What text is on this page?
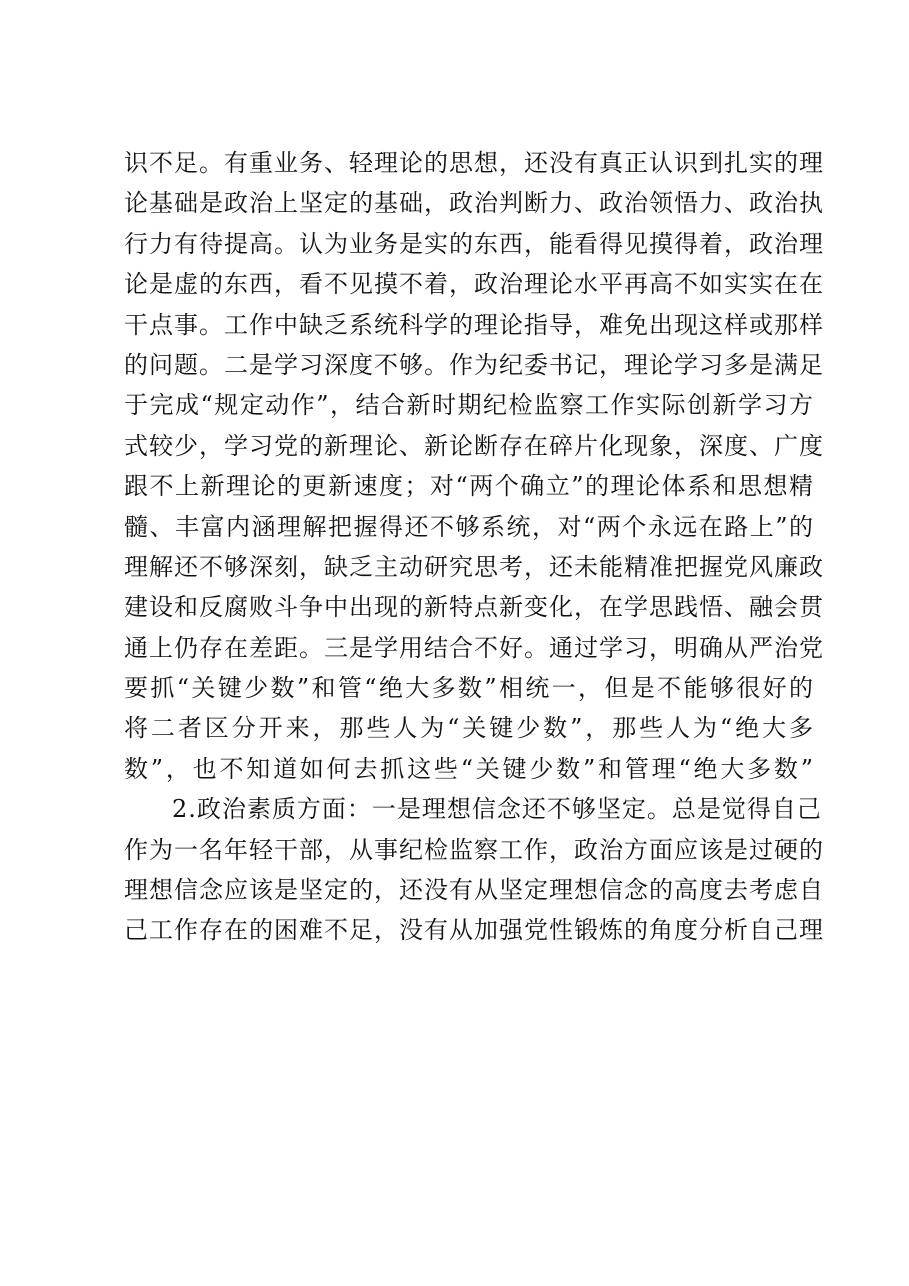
识不足。有重业务、轻理论的思想，还没有真正认识到扎实的理
论基础是政治上坚定的基础，政治判断力、政治领悟力、政治执
行力有待提高。认为业务是实的东西，能看得见摸得着，政治理
论是虚的东西，看不见摸不着，政治理论水平再高不如实实在在
干点事。工作中缺乏系统科学的理论指导，难免出现这样或那样
的问题。二是学习深度不够。作为纪委书记，理论学习多是满足
于完成“规定动作”，结合新时期纪检监察工作实际创新学习方
式较少，学习党的新理论、新论断存在碎片化现象，深度、广度
跟不上新理论的更新速度；对“两个确立”的理论体系和思想精
髓、丰富内涵理解把握得还不够系统，对“两个永远在路上”的
理解还不够深刻，缺乏主动研究思考，还未能精准把握党风廉政
建设和反腐败斗争中出现的新特点新变化，在学思践悟、融会贯
通上仍存在差距。三是学用结合不好。通过学习，明确从严治党
要抓“关键少数”和管“绝大多数”相统一，但是不能够很好的
将二者区分开来，那些人为“关键少数”，那些人为“绝大多
数”，也不知道如何去抓这些“关键少数”和管理“绝大多数”
2.政治素质方面：一是理想信念还不够坚定。总是觉得自己
作为一名年轻干部，从事纪检监察工作，政治方面应该是过硬的
理想信念应该是坚定的，还没有从坚定理想信念的高度去考虑自
己工作存在的困难不足，没有从加强党性锻炼的角度分析自己理
